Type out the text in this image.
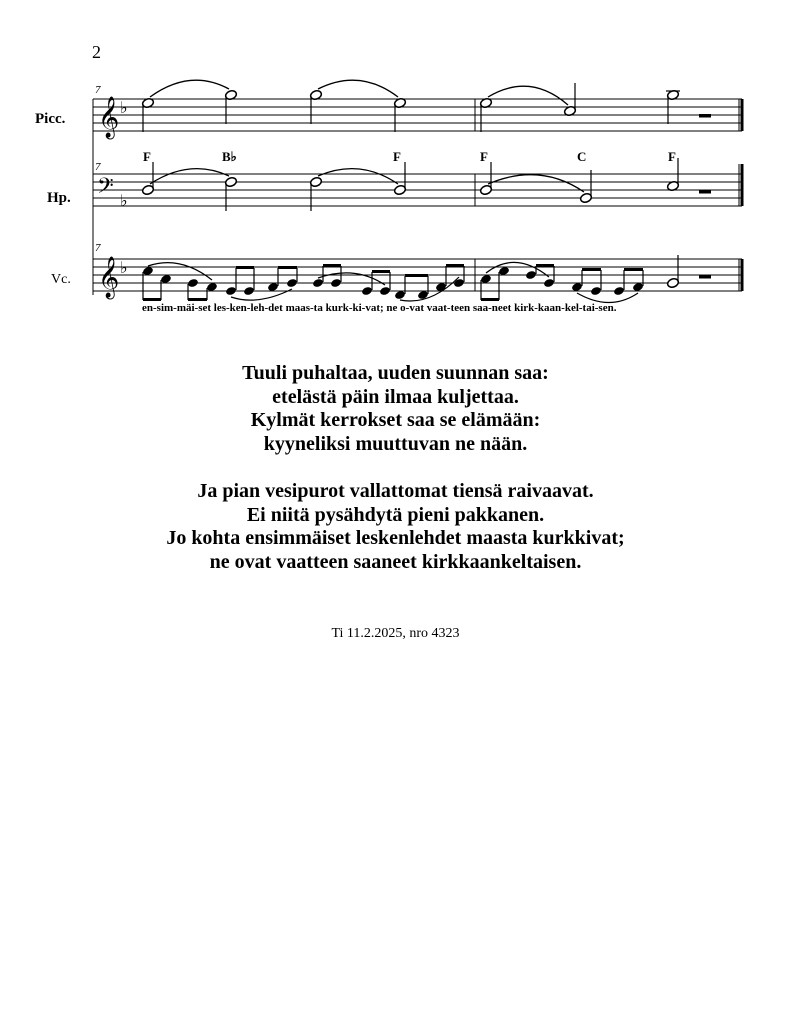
2
7
𝄞 ♭
F	B♭	F	F	C	F
7
𝄢 ♭
7
𝄞 ♭
Picc.
Hp.
Vc.
en-sim-mäi-set les-ken-leh-det maas-ta kurk-ki-vat; ne o-vat vaat-teen saa-neet kirk-kaan-kel-tai-sen.
Tuuli puhaltaa, uuden suunnan saa:
etelästä päin ilmaa kuljettaa.
Kylmät kerrokset saa se elämään:
kyyneliksi muuttuvan ne nään.
Ja pian vesipurot vallattomat tiensä raivaavat.
Ei niitä pysähdytä pieni pakkanen.
Jo kohta ensimmäiset leskenlehdet maasta kurkkivat;
ne ovat vaatteen saaneet kirkkaankeltaisen.
Ti 11.2.2025, nro 4323
